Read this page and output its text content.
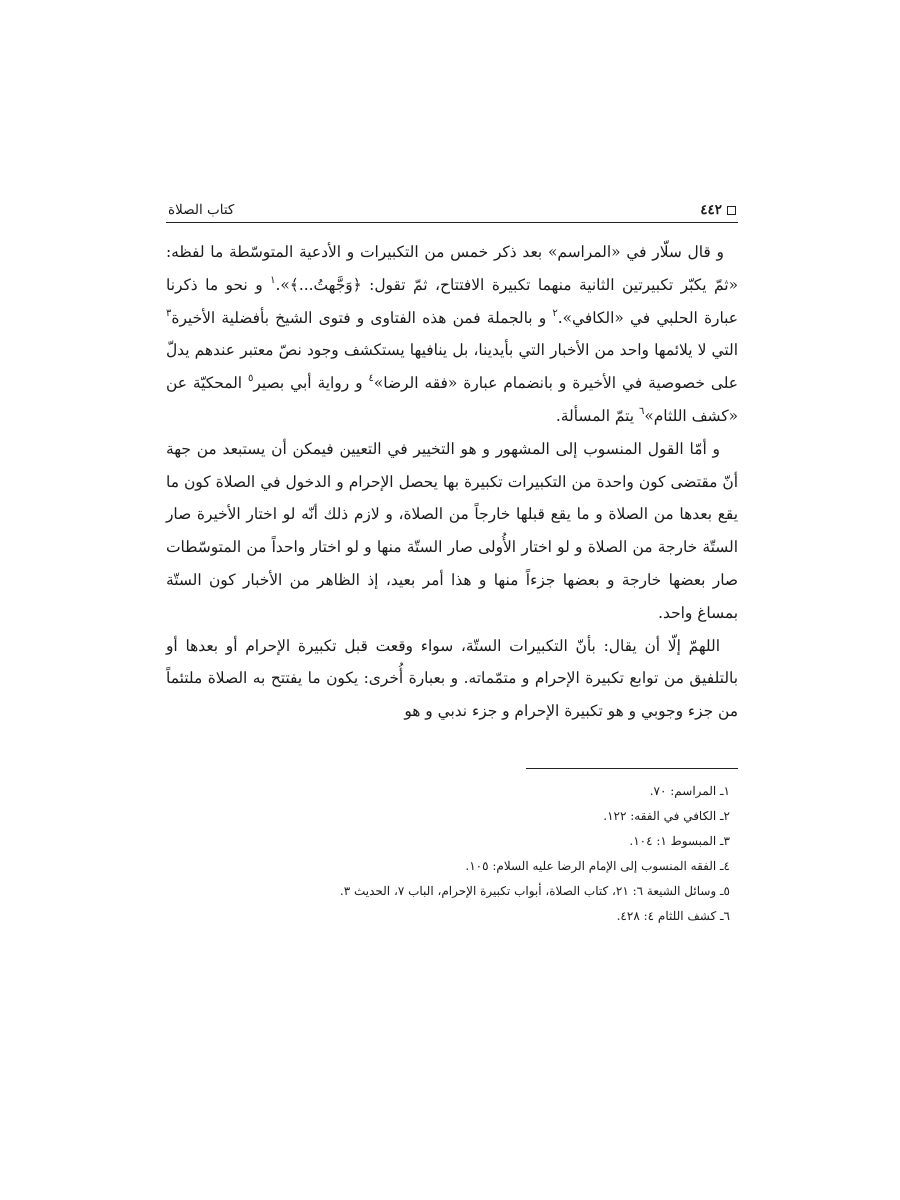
٤٤٢
كتاب الصلاة

و قال سلّار في «المراسم» بعد ذكر خمس من التكبيرات و الأدعية المتوسّطة ما لفظه: «ثمّ يكبّر تكبيرتين الثانية منهما تكبيرة الافتتاح، ثمّ تقول: ﴿وَجَّهتُ...﴾».$^١$ و نحو ما ذكرنا عبارة الحلبي في «الكافي».$^٢$ و بالجملة فمن هذه الفتاوى و فتوى الشيخ بأفضلية الأخيرة$^٣$ التي لا يلائمها واحد من الأخبار التي بأيدينا، بل ينافيها يستكشف وجود نصّ معتبر عندهم يدلّ على خصوصية في الأخيرة و بانضمام عبارة «فقه الرضا»$^٤$ و رواية أبي بصير$^٥$ المحكيّة عن «كشف اللثام»$^٦$ يتمّ المسألة.

و أمّا القول المنسوب إلى المشهور و هو التخيير في التعيين فيمكن أن يستبعد من جهة أنّ مقتضى كون واحدة من التكبيرات تكبيرة بها يحصل الإحرام و الدخول في الصلاة كون ما يقع بعدها من الصلاة و ما يقع قبلها خارجاً من الصلاة، و لازم ذلك أنّه لو اختار الأخيرة صار الستّة خارجة من الصلاة و لو اختار الأُولى صار الستّة منها و لو اختار واحداً من المتوسّطات صار بعضها خارجة و بعضها جزءاً منها و هذا أمر بعيد، إذ الظاهر من الأخبار كون الستّة بمساغ واحد.

اللهمّ إلّا أن يقال: بأنّ التكبيرات الستّة، سواء وقعت قبل تكبيرة الإحرام أو بعدها أو بالتلفيق من توابع تكبيرة الإحرام و متمّماته. و بعبارة أُخرى: يكون ما يفتتح به الصلاة ملتئماً من جزء وجوبي و هو تكبيرة الإحرام و جزء ندبي و هو

١ـ المراسم: ٧٠.
٢ـ الكافي في الفقه: ١٢٢.
٣ـ المبسوط ١: ١٠٤.
٤ـ الفقه المنسوب إلى الإمام الرضا عليه السلام: ١٠٥.
٥ـ وسائل الشيعة ٦: ٢١، كتاب الصلاة، أبواب تكبيرة الإحرام، الباب ٧، الحديث ٣.
٦ـ كشف اللثام ٤: ٤٢٨.
